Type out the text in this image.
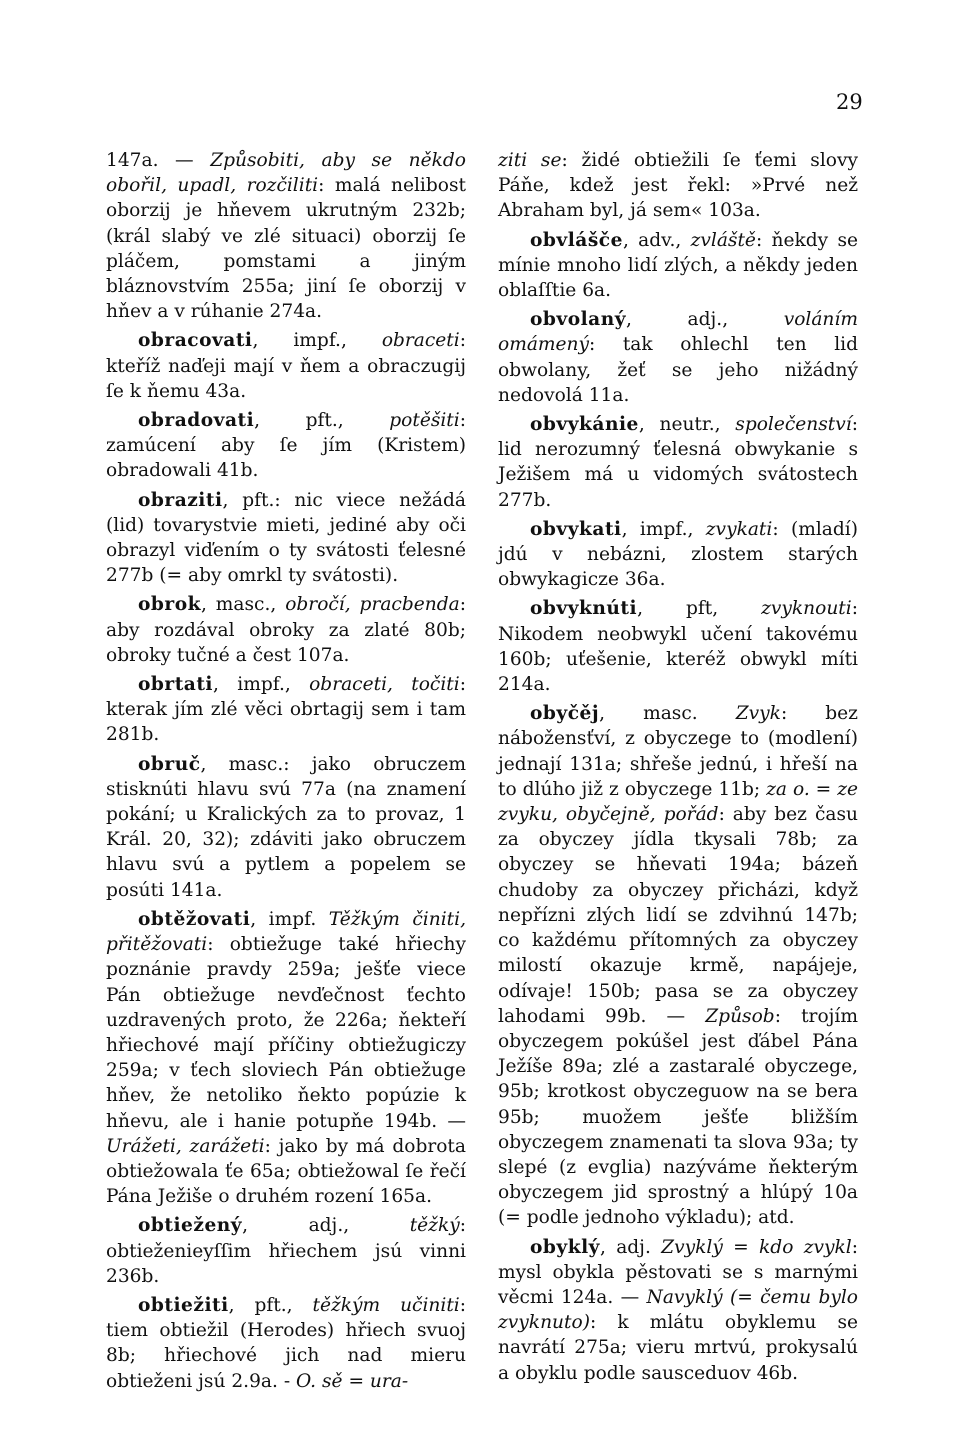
29

147a. — Způsobiti, aby se někdo obořil, upadl, rozčiliti: malá nelibost oborzij je hňevem ukrutným 232b; (král slabý ve zlé situaci) oborzij ſe pláčem, pomstami a jiným bláznovstvím 255a; jiní ſe oborzij v hňev a v rúhanie 274a.

obracovati, impf., obraceti: kteříž naďeji mají v ňem a obraczugij ſe k ňemu 43a.

obradovati, pft., potěšiti: zamúcení aby ſe jím (Kristem) obradowali 41b.

obraziti, pft.: nic viece nežádá (lid) tovarystvie mieti, jediné aby oči obrazyl viďením o ty svátosti ťelesné 277b (= aby omrkl ty svátosti).

obrok, masc., obročí, pracbenda: aby rozdával obroky za zlaté 80b; obroky tučné a čest 107a.

obrtati, impf., obraceti, točiti: kterak jím zlé věci obrtagij sem i tam 281b.

obruč, masc.: jako obruczem stisknúti hlavu svú 77a (na znamení pokání; u Kralických za to provaz, 1 Král. 20, 32); zdáviti jako obruczem hlavu svú a pytlem a popelem se posúti 141a.

obtěžovati, impf. Těžkým činiti, přitěžovati: obtiežuge také hřiechy poznánie pravdy 259a; ješťe viece Pán obtiežuge nevďečnost ťechto uzdravených proto, že 226a; ňekteří hřiechové mají příčiny obtiežugiczy 259a; v ťech sloviech Pán obtiežuge hňev, že netoliko ňekto popúzie k hňevu, ale i hanie potupňe 194b. — Urážeti, zarážeti: jako by má dobrota obtiežowala ťe 65a; obtiežowal ſe řečí Pána Ježiše o druhém rození 165a.

obtiežený, adj., těžký: obtieženieyſſim hřiechem jsú vinni 236b.

obtiežiti, pft., těžkým učiniti: tiem obtiežil (Herodes) hřiech svuoj 8b; hřiechové jich nad mieru obtieženi jsú 2.9a. - O. sě = ura-

ziti se: židé obtiežili ſe ťemi slovy Páňe, kdež jest řekl: »Prvé než Abraham byl, já sem« 103a.

obvlášče, adv., zvláště: ňekdy se mínie mnoho lidí zlých, a někdy jeden oblaſſtie 6a.

obvolaný, adj., voláním omámený: tak ohlechl ten lid obwolany, žeť se jeho nižádný nedovolá 11a.

obvykánie, neutr., společenství: lid nerozumný ťelesná obwykanie s Ježišem má u vidomých svátostech 277b.

obvykati, impf., zvykati: (mladí) jdú v nebázni, zlostem starých obwykagicze 36a.

obvyknúti, pft, zvyknouti: Nikodem neobwykl učení takovému 160b; uťešenie, kteréž obwykl míti 214a.

obyčěj, masc. Zvyk: bez nábožensťví, z obyczege to (modlení) jednají 131a; shřeše jednú, i hřeší na to dlúho již z obyczege 11b; za o. = ze zvyku, obyčejně, pořád: aby bez času za obyczey jídla tkysali 78b; za obyczey se hňevati 194a; bázeň chudoby za obyczey přicházi, když nepřízni zlých lidí se zdvihnú 147b; co každému přítomných za obyczey milostí okazuje krmě, napájeje, odívaje! 150b; pasa se za obyczey lahodami 99b. — Způsob: trojím obyczegem pokúšel jest ďábel Pána Ježíše 89a; zlé a zastaralé obyczege, 95b; krotkost obyczeguow na se bera 95b; muožem ješťe bližším obyczegem znamenati ta slova 93a; ty slepé (z evglia) nazýváme ňekterým obyczegem jid sprostný a hlúpý 10a (= podle jednoho výkladu); atd.

obyklý, adj. Zvyklý = kdo zvykl: mysl obykla pěstovati se s marnými věcmi 124a. — Navyklý (= čemu bylo zvyknuto): k mlátu obyklemu se navrátí 275a; vieru mrtvú, prokysalú a obyklu podle sausceduov 46b.
